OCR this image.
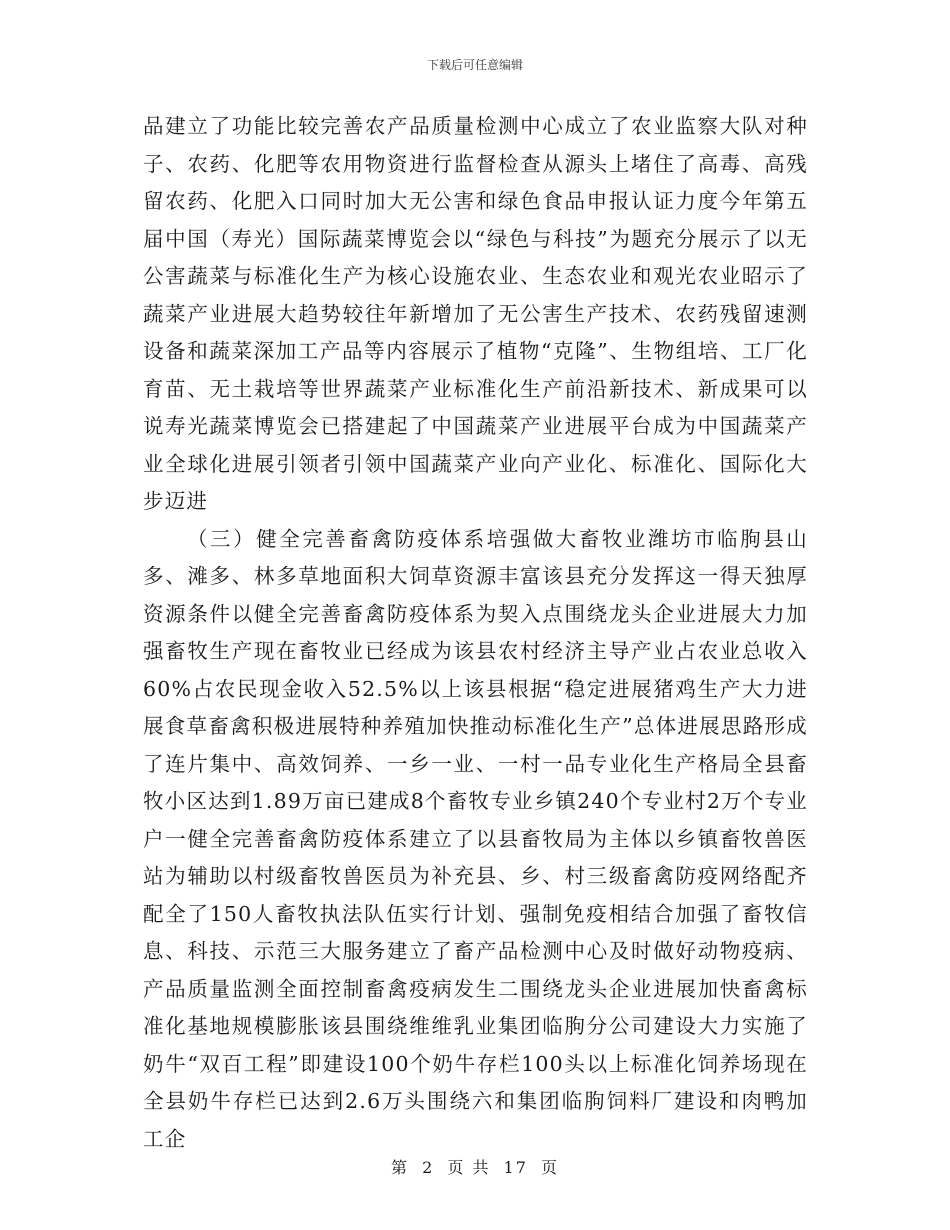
下载后可任意编辑

品建立了功能比较完善农产品质量检测中心成立了农业监察大队对种子、农药、化肥等农用物资进行监督检查从源头上堵住了高毒、高残留农药、化肥入口同时加大无公害和绿色食品申报认证力度今年第五届中国（寿光）国际蔬菜博览会以“绿色与科技”为题充分展示了以无公害蔬菜与标准化生产为核心设施农业、生态农业和观光农业昭示了蔬菜产业进展大趋势较往年新增加了无公害生产技术、农药残留速测设备和蔬菜深加工产品等内容展示了植物“克隆”、生物组培、工厂化育苗、无土栽培等世界蔬菜产业标准化生产前沿新技术、新成果可以说寿光蔬菜博览会已搭建起了中国蔬菜产业进展平台成为中国蔬菜产业全球化进展引领者引领中国蔬菜产业向产业化、标准化、国际化大步迈进

（三）健全完善畜禽防疫体系培强做大畜牧业潍坊市临朐县山多、滩多、林多草地面积大饲草资源丰富该县充分发挥这一得天独厚资源条件以健全完善畜禽防疫体系为契入点围绕龙头企业进展大力加强畜牧生产现在畜牧业已经成为该县农村经济主导产业占农业总收入60%占农民现金收入52.5%以上该县根据“稳定进展猪鸡生产大力进展食草畜禽积极进展特种养殖加快推动标准化生产”总体进展思路形成了连片集中、高效饲养、一乡一业、一村一品专业化生产格局全县畜牧小区达到1.89万亩已建成8个畜牧专业乡镇240个专业村2万个专业户一健全完善畜禽防疫体系建立了以县畜牧局为主体以乡镇畜牧兽医站为辅助以村级畜牧兽医员为补充县、乡、村三级畜禽防疫网络配齐配全了150人畜牧执法队伍实行计划、强制免疫相结合加强了畜牧信息、科技、示范三大服务建立了畜产品检测中心及时做好动物疫病、产品质量监测全面控制畜禽疫病发生二围绕龙头企业进展加快畜禽标准化基地规模膨胀该县围绕维维乳业集团临朐分公司建设大力实施了奶牛“双百工程”即建设100个奶牛存栏100头以上标准化饲养场现在全县奶牛存栏已达到2.6万头围绕六和集团临朐饲料厂建设和肉鸭加工企

第 2 页 共 17 页
